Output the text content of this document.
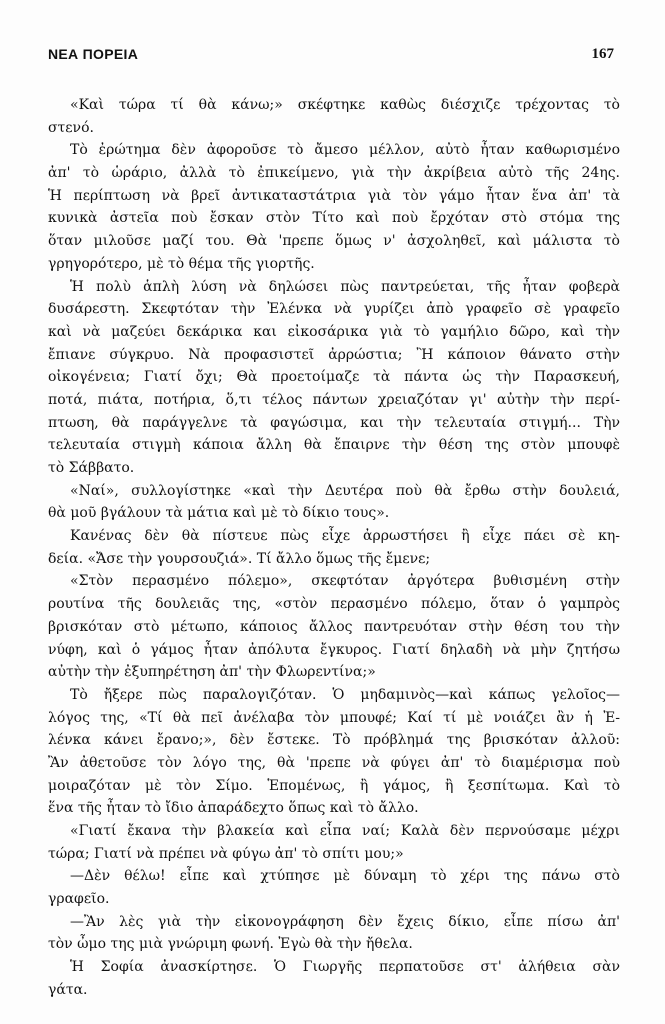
ΝΕΑ ΠΟΡΕΙΑ	167
«Καὶ τώρα τί θὰ κάνω;» σκέφτηκε καθὼς διέσχιζε τρέχοντας τὸ
στενό.
Τὸ ἐρώτημα δὲν ἀφοροῦσε τὸ ἄμεσο μέλλον, αὐτὸ ἦταν καθωρισμένο
ἀπ' τὸ ὡράριο, ἀλλὰ τὸ ἐπικείμενο, γιὰ τὴν ἀκρίβεια αὐτὸ τῆς 24ης.
Ἡ περίπτωση νὰ βρεῖ ἀντικαταστάτρια γιὰ τὸν γάμο ἦταν ἕνα ἀπ' τὰ
κυνικὰ ἀστεῖα ποὺ ἔσκαν στὸν Τίτο καὶ ποὺ ἔρχόταν στὸ στόμα της
ὅταν μιλοῦσε μαζί του. Θὰ 'πρεπε ὅμως ν' ἀσχοληθεῖ, καὶ μάλιστα τὸ
γρηγορότερο, μὲ τὸ θέμα τῆς γιορτῆς.
Ἡ πολὺ ἁπλὴ λύση νὰ δηλώσει πὼς παντρεύεται, τῆς ἦταν φοβερὰ
δυσάρεστη. Σκεφτόταν τὴν Ἐλένκα νὰ γυρίζει ἀπὸ γραφεῖο σὲ γραφεῖο
καὶ νὰ μαζεύει δεκάρικα και εἰκοσάρικα γιὰ τὸ γαμήλιο δῶρο, καὶ τὴν
ἔπιανε σύγκρυο. Νὰ προφασιστεῖ ἀρρώστια; Ἢ κάποιον θάνατο στὴν
οἰκογένεια; Γιατί ὄχι; Θὰ προετοίμαζε τὰ πάντα ὡς τὴν Παρασκευή,
ποτά, πιάτα, ποτήρια, ὅ,τι τέλος πάντων χρειαζόταν γι' αὐτὴν τὴν περί-
πτωση, θὰ παράγγελνε τὰ φαγώσιμα, και τὴν τελευταία στιγμή... Τὴν
τελευταία στιγμὴ κάποια ἄλλη θὰ ἔπαιρνε τὴν θέση της στὸν μπουφὲ
τὸ Σάββατο.
«Ναί», συλλογίστηκε «καὶ τὴν Δευτέρα ποὺ θὰ ἔρθω στὴν δουλειά,
θὰ μοῦ βγάλουν τὰ μάτια καὶ μὲ τὸ δίκιο τους».
Κανένας δὲν θὰ πίστευε πὼς εἶχε ἀρρωστήσει ἢ εἶχε πάει σὲ κη-
δεία. «Ἄσε τὴν γουρσουζιά». Τί ἄλλο ὅμως τῆς ἔμενε;
«Στὸν περασμένο πόλεμο», σκεφτόταν ἀργότερα βυθισμένη στὴν
ρουτίνα τῆς δουλειᾶς της, «στὸν περασμένο πόλεμο, ὅταν ὁ γαμπρὸς
βρισκόταν στὸ μέτωπο, κάποιος ἄλλος παντρευόταν στὴν θέση του τὴν
νύφη, καὶ ὁ γάμος ἦταν ἀπόλυτα ἔγκυρος. Γιατί δηλαδὴ νὰ μὴν ζητήσω
αὐτὴν τὴν ἐξυπηρέτηση ἀπ' τὴν Φλωρεντίνα;»
Τὸ ἤξερε πὼς παραλογιζόταν. Ὁ μηδαμινὸς—καὶ κάπως γελοῖος—
λόγος της, «Τί θὰ πεῖ ἀνέλαβα τὸν μπουφέ; Καί τί μὲ νοιάζει ἂν ἡ Ἐ-
λένκα κάνει ἔρανο;», δὲν ἔστεκε. Τὸ πρόβλημά της βρισκόταν ἀλλοῦ:
Ἂν ἀθετοῦσε τὸν λόγο της, θὰ 'πρεπε νὰ φύγει ἀπ' τὸ διαμέρισμα ποὺ
μοιραζόταν μὲ τὸν Σίμο. Ἑπομένως, ἢ γάμος, ἢ ξεσπίτωμα. Καὶ τὸ
ἕνα τῆς ἦταν τὸ ἴδιο ἀπαράδεχτο ὅπως καὶ τὸ ἄλλο.
«Γιατί ἔκανα τὴν βλακεία καὶ εἶπα ναί; Καλὰ δὲν περνούσαμε μέχρι
τώρα; Γιατί νὰ πρέπει νὰ φύγω ἀπ' τὸ σπίτι μου;»
—Δὲν θέλω! εἶπε καὶ χτύπησε μὲ δύναμη τὸ χέρι της πάνω στὸ
γραφεῖο.
—Ἂν λὲς γιὰ τὴν εἰκονογράφηση δὲν ἔχεις δίκιο, εἶπε πίσω ἀπ'
τὸν ὦμο της μιὰ γνώριμη φωνή. Ἐγὼ θὰ τὴν ἤθελα.
Ἡ Σοφία ἀνασκίρτησε. Ὁ Γιωργῆς περπατοῦσε στ' ἀλήθεια σὰν
γάτα.
